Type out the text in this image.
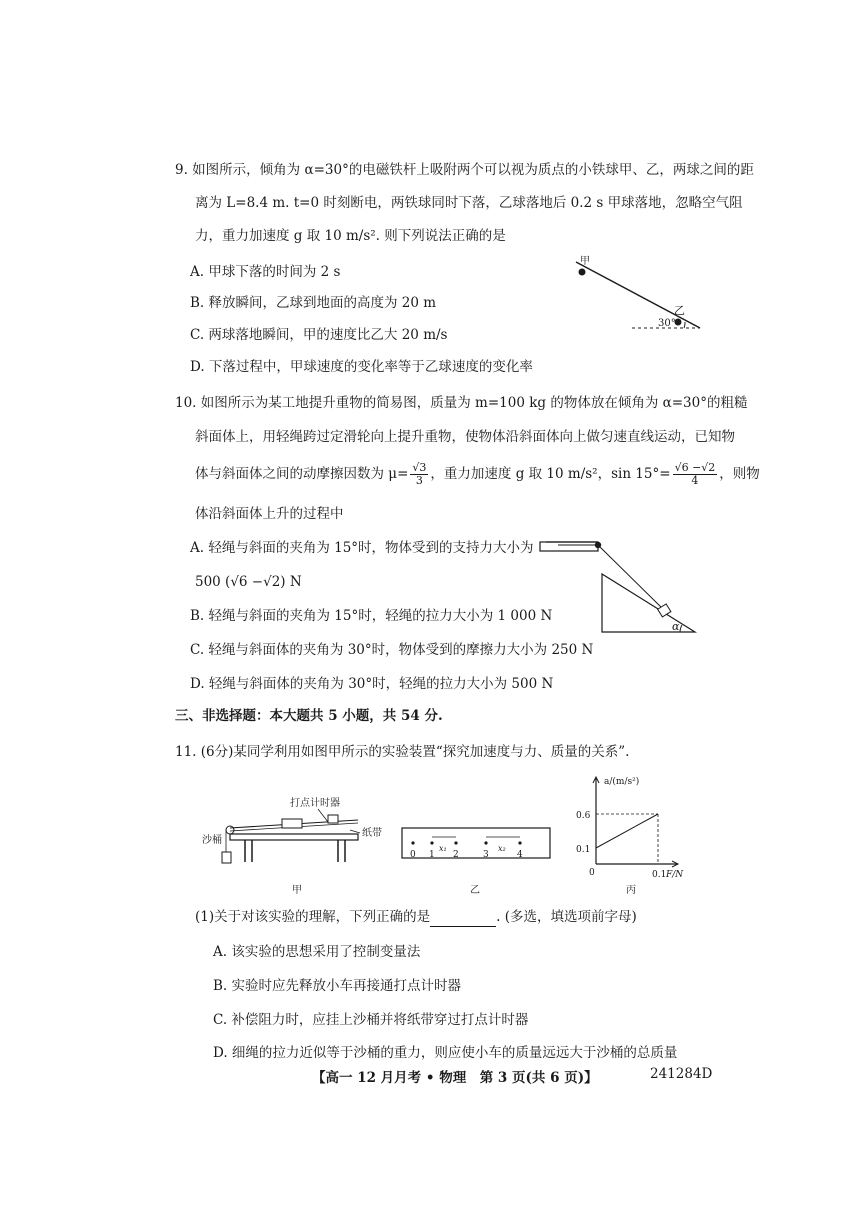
9. 如图所示，倾角为 α=30°的电磁铁杆上吸附两个可以视为质点的小铁球甲、乙，两球之间的距
离为 L=8.4 m. t=0 时刻断电，两铁球同时下落，乙球落地后 0.2 s 甲球落地，忽略空气阻
力，重力加速度 g 取 10 m/s². 则下列说法正确的是
A. 甲球下落的时间为 2 s
B. 释放瞬间，乙球到地面的高度为 20 m
C. 两球落地瞬间，甲的速度比乙大 20 m/s
D. 下落过程中，甲球速度的变化率等于乙球速度的变化率
甲
乙
30°
10. 如图所示为某工地提升重物的简易图，质量为 m=100 kg 的物体放在倾角为 α=30°的粗糙
斜面体上，用轻绳跨过定滑轮向上提升重物，使物体沿斜面体向上做匀速直线运动，已知物
体与斜面体之间的动摩擦因数为 $\mu= \frac{√3}{3}$ ，重力加速度 g 取 10 m/s²，$\sin 15^\circ= \frac{√6 -√2}{4}$ ，则物
体沿斜面体上升的过程中
A. 轻绳与斜面的夹角为 15°时，物体受到的支持力大小为
500 (√6 −√2) N
B. 轻绳与斜面的夹角为 15°时，轻绳的拉力大小为 1 000 N
C. 轻绳与斜面体的夹角为 30°时，物体受到的摩擦力大小为 250 N
D. 轻绳与斜面体的夹角为 30°时，轻绳的拉力大小为 500 N
α
三、非选择题：本大题共 5 小题，共 54 分.
11. (6分)某同学利用如图甲所示的实验装置“探究加速度与力、质量的关系”.
打点计时器
沙桶
纸带
甲
0 1 2	3	4
x₁	x₂
乙
a/(m/s²)
F/N
0.6
0.1
0.1
0
丙
(1)关于对该实验的理解，下列正确的是	. (多选，填选项前字母)
A. 该实验的思想采用了控制变量法
B. 实验时应先释放小车再接通打点计时器
C. 补偿阻力时，应挂上沙桶并将纸带穿过打点计时器
D. 细绳的拉力近似等于沙桶的重力，则应使小车的质量远远大于沙桶的总质量
【高一 12 月月考 • 物理　第 3 页(共 6 页)】	241284D
